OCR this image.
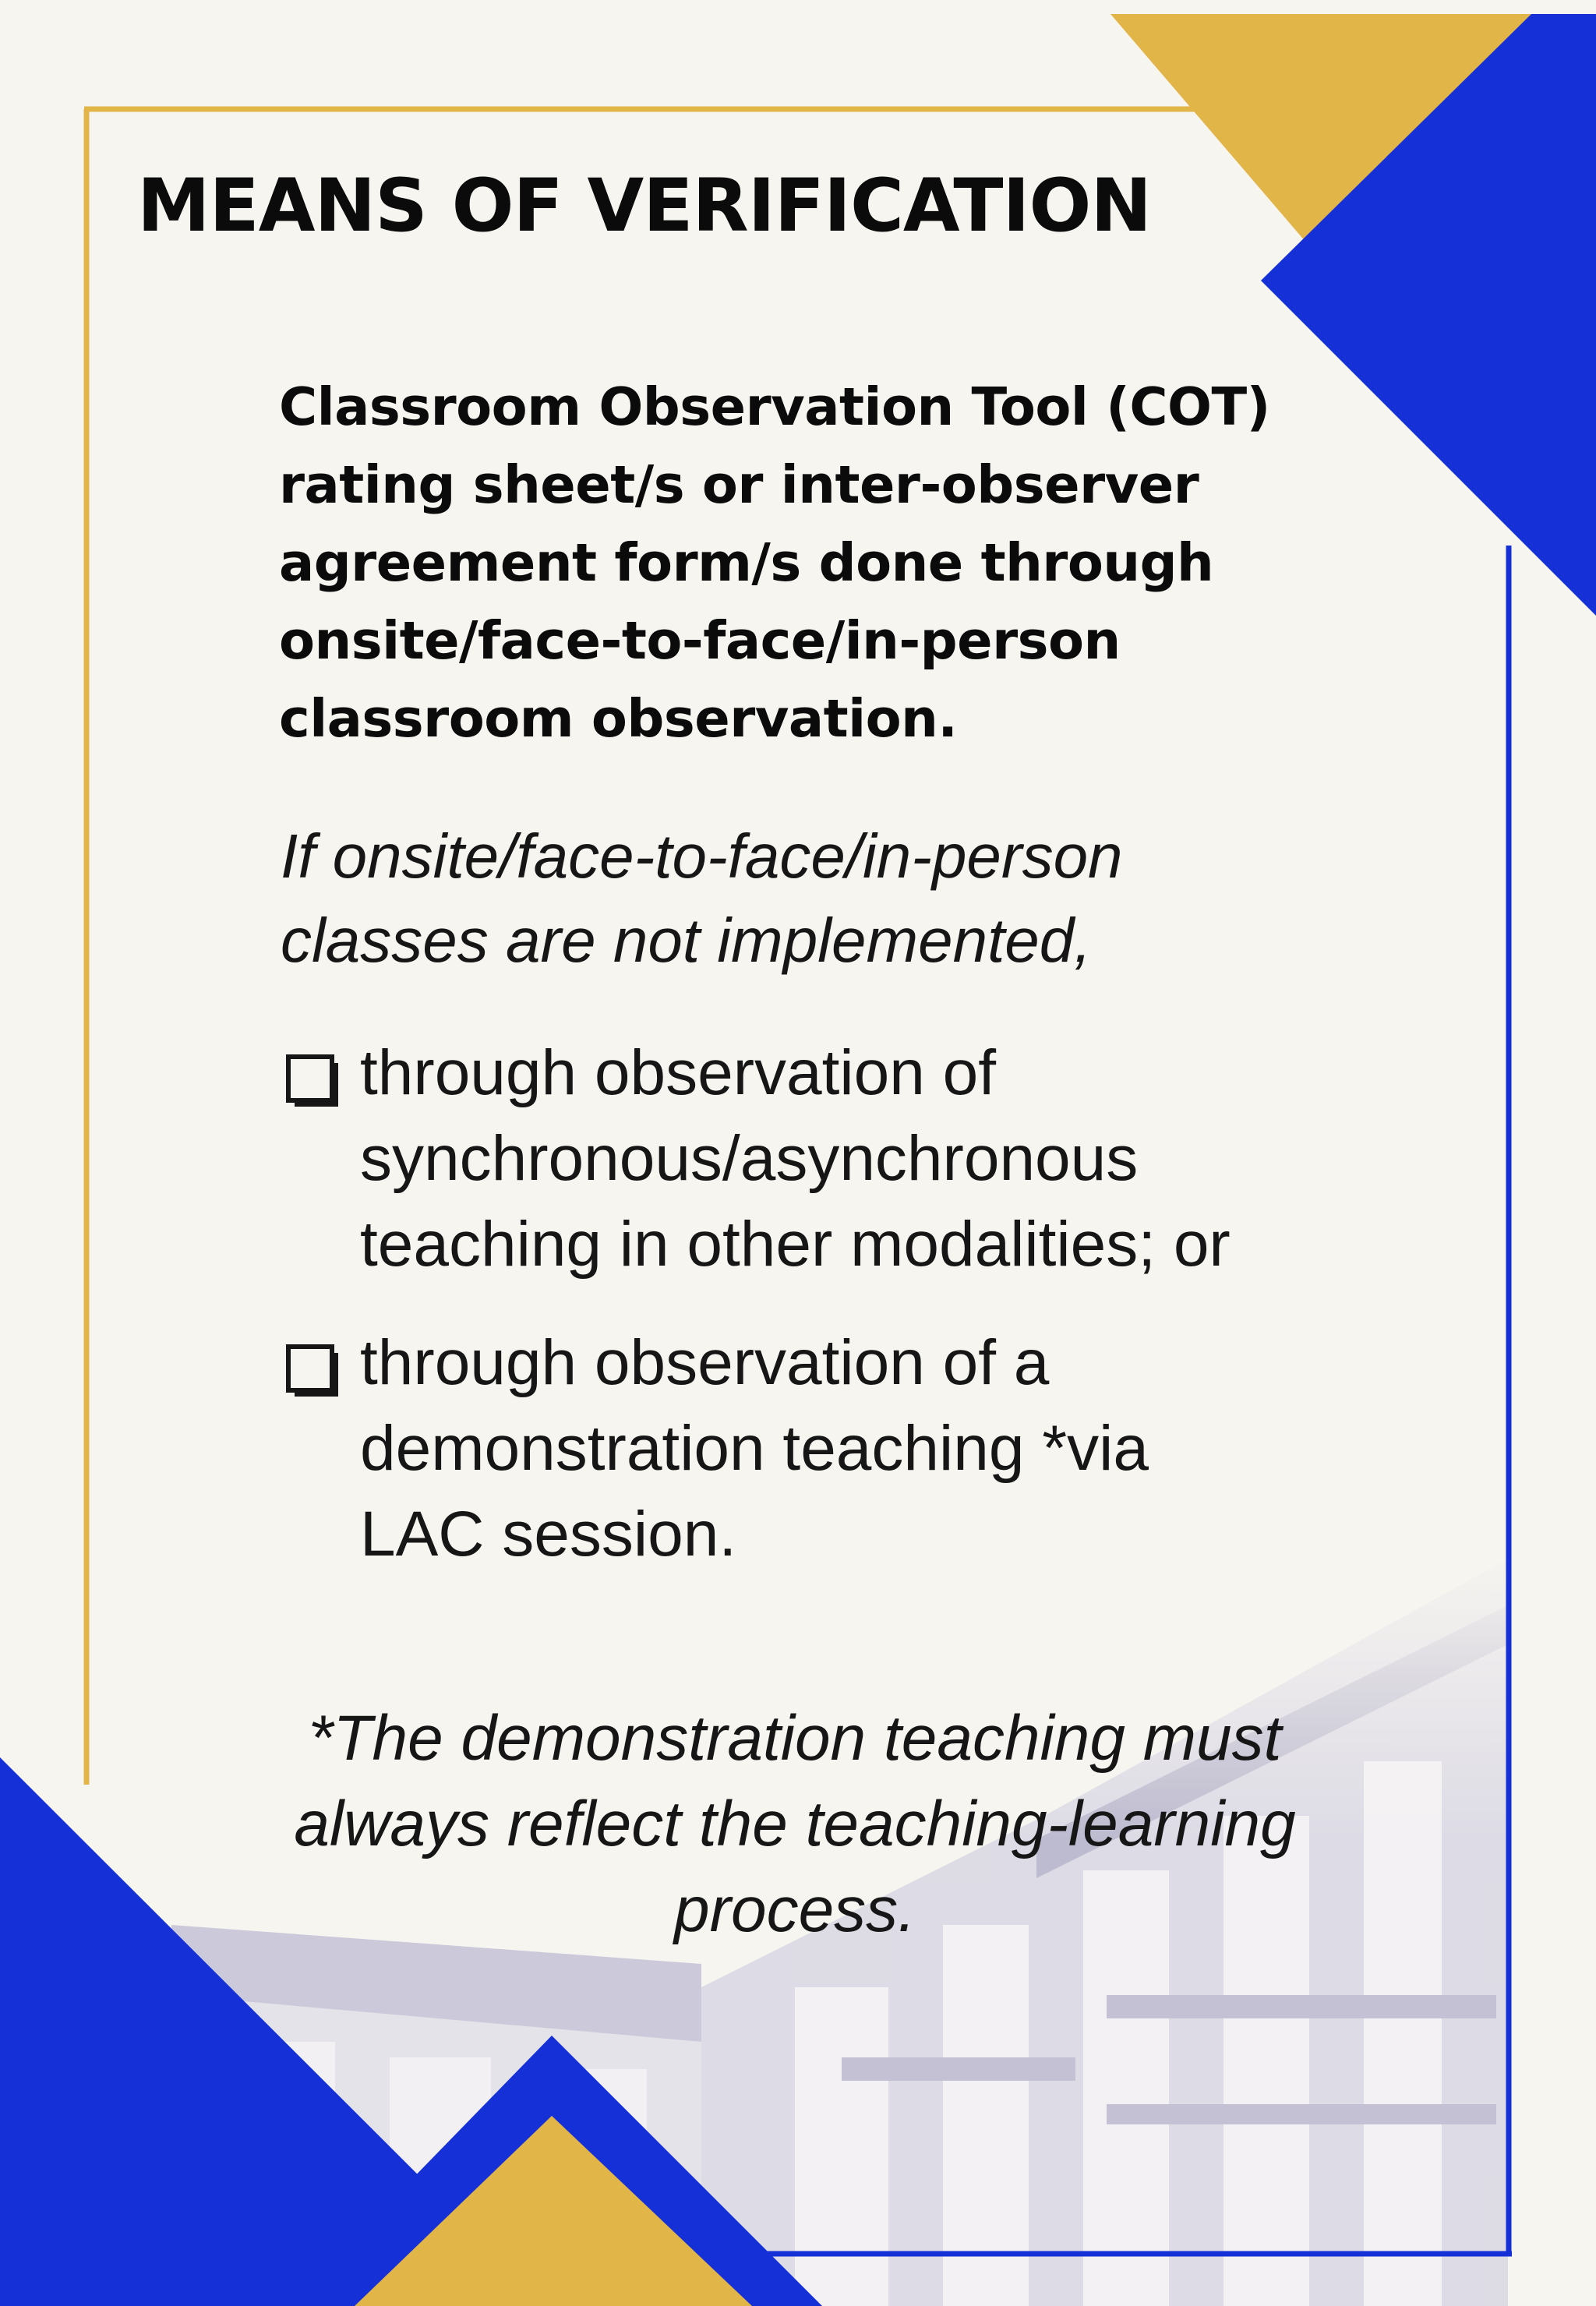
MEANS OF VERIFICATION
Classroom Observation Tool (COT)
rating sheet/s or inter-observer
agreement form/s done through
onsite/face-to-face/in-person
classroom observation.
If onsite/face-to-face/in-person
classes are not implemented,
through observation of
synchronous/asynchronous
teaching in other modalities; or
through observation of a
demonstration teaching *via
LAC session.
*The demonstration teaching must
always reflect the teaching-learning
process.
